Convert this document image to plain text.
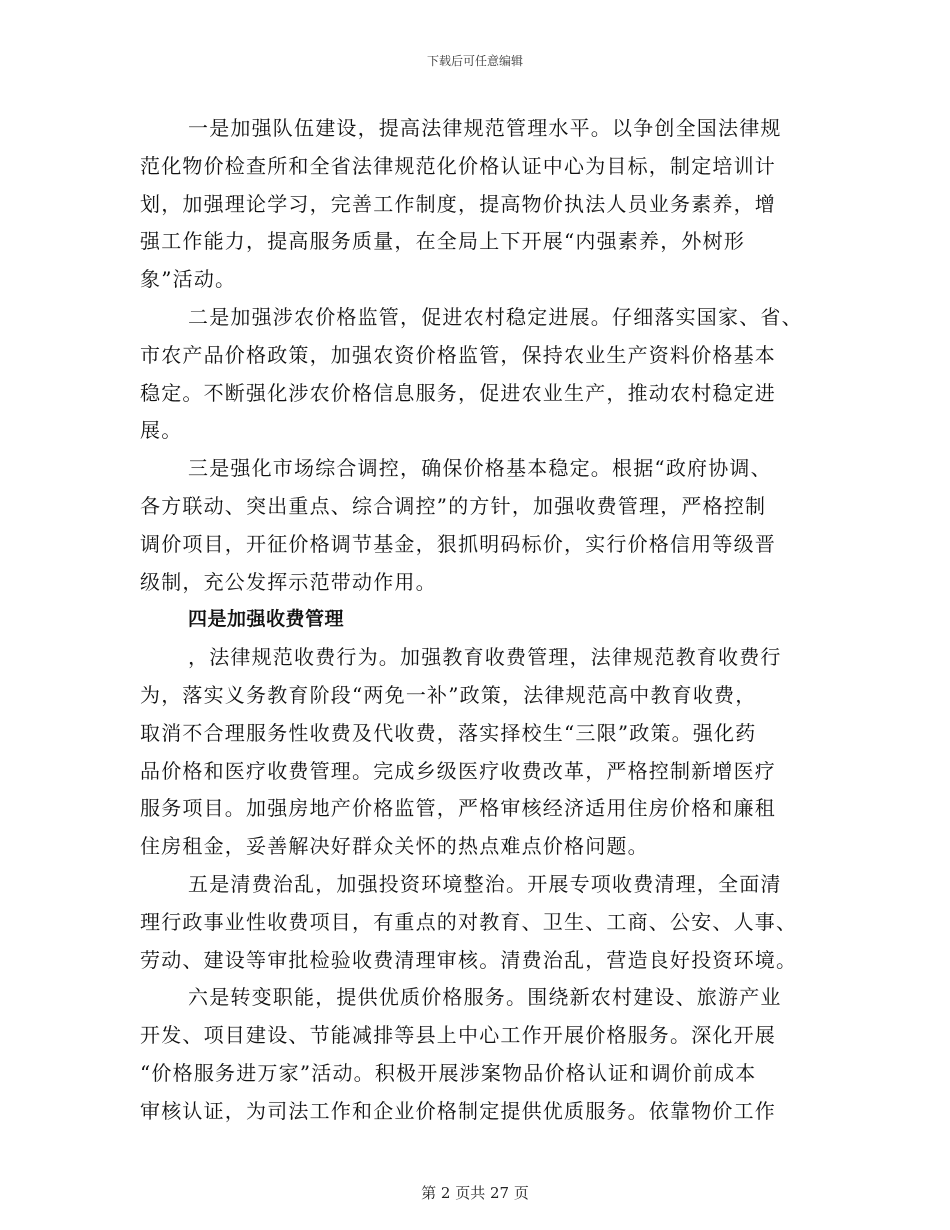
下载后可任意编辑
一是加强队伍建设，提高法律规范管理水平。以争创全国法律规
范化物价检查所和全省法律规范化价格认证中心为目标，制定培训计
划，加强理论学习，完善工作制度，提高物价执法人员业务素养，增
强工作能力，提高服务质量，在全局上下开展“内强素养，外树形
象”活动。
二是加强涉农价格监管，促进农村稳定进展。仔细落实国家、省、
市农产品价格政策，加强农资价格监管，保持农业生产资料价格基本
稳定。不断强化涉农价格信息服务，促进农业生产，推动农村稳定进
展。
三是强化市场综合调控，确保价格基本稳定。根据“政府协调、
各方联动、突出重点、综合调控”的方针，加强收费管理，严格控制
调价项目，开征价格调节基金，狠抓明码标价，实行价格信用等级晋
级制，充公发挥示范带动作用。
四是加强收费管理
，法律规范收费行为。加强教育收费管理，法律规范教育收费行
为，落实义务教育阶段“两免一补”政策，法律规范高中教育收费，
取消不合理服务性收费及代收费，落实择校生“三限”政策。强化药
品价格和医疗收费管理。完成乡级医疗收费改革，严格控制新增医疗
服务项目。加强房地产价格监管，严格审核经济适用住房价格和廉租
住房租金，妥善解决好群众关怀的热点难点价格问题。
五是清费治乱，加强投资环境整治。开展专项收费清理，全面清
理行政事业性收费项目，有重点的对教育、卫生、工商、公安、人事、
劳动、建设等审批检验收费清理审核。清费治乱，营造良好投资环境。
六是转变职能，提供优质价格服务。围绕新农村建设、旅游产业
开发、项目建设、节能减排等县上中心工作开展价格服务。深化开展
“价格服务进万家”活动。积极开展涉案物品价格认证和调价前成本
审核认证，为司法工作和企业价格制定提供优质服务。依靠物价工作
第 2 页共 27 页
